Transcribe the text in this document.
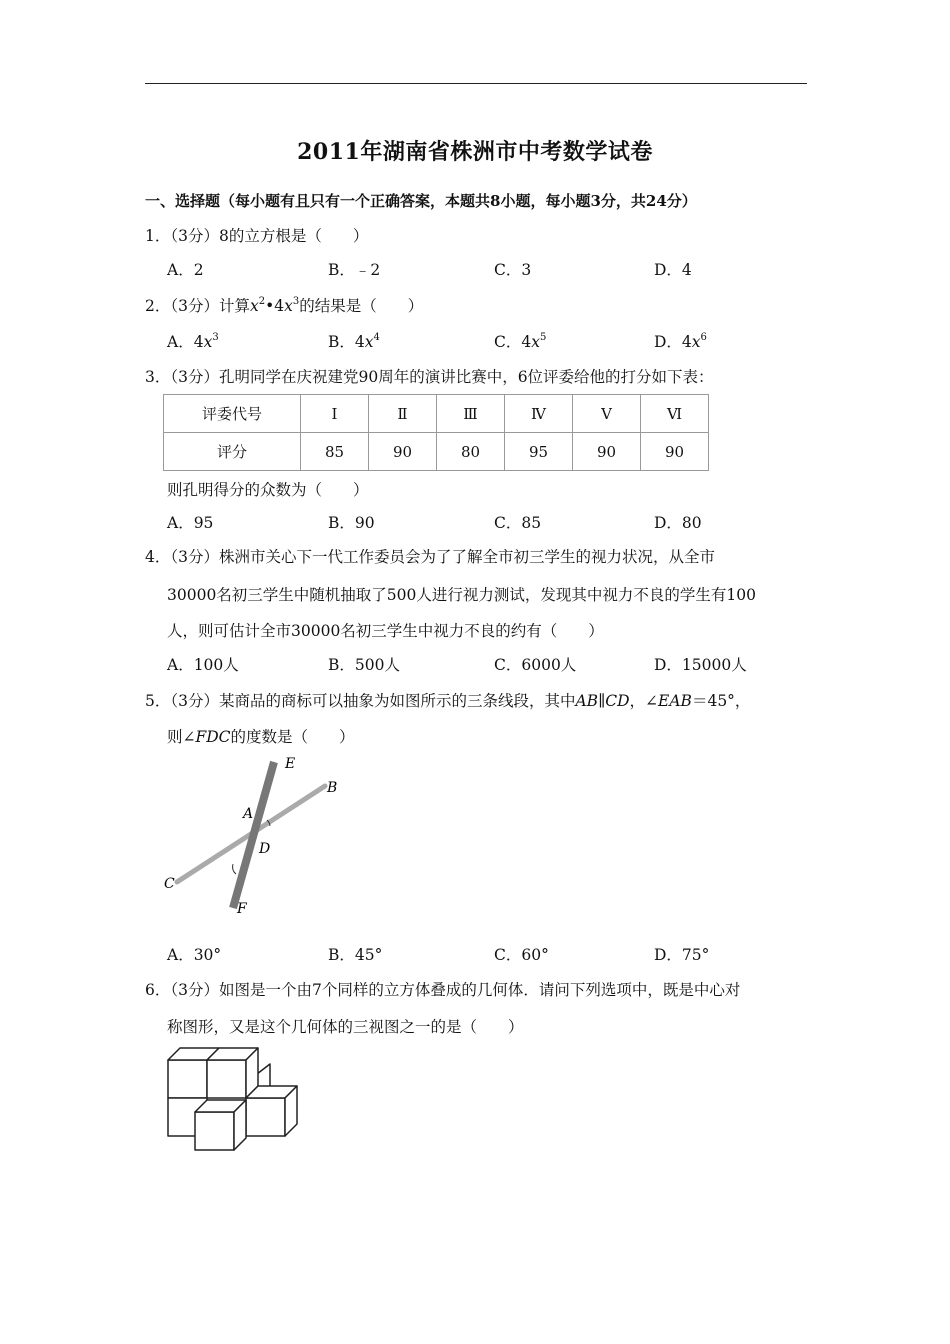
2011年湖南省株洲市中考数学试卷
一、选择题（每小题有且只有一个正确答案，本题共8小题，每小题3分，共24分）
1．（3分）8的立方根是（　　）
A．2	B．﹣2	C．3	D．4
2．（3分）计算$x^2•4x^3$的结果是（　　）
A．$4x^3$	B．$4x^4$	C．$4x^5$	D．$4x^6$
3．（3分）孔明同学在庆祝建党90周年的演讲比赛中，6位评委给他的打分如下表：
评委代号	Ⅰ	Ⅱ	Ⅲ	Ⅳ	Ⅴ	Ⅵ
评分	85	90	80	95	90	90
则孔明得分的众数为（　　）
A．95	B．90	C．85	D．80
4．（3分）株洲市关心下一代工作委员会为了了解全市初三学生的视力状况，从全市
30000名初三学生中随机抽取了500人进行视力测试，发现其中视力不良的学生有100
人，则可估计全市30000名初三学生中视力不良的约有（　　）
A．100人	B．500人	C．6000人	D．15000人
5．（3分）某商品的商标可以抽象为如图所示的三条线段，其中AB∥CD，∠EAB＝45°，
则∠FDC的度数是（　　）
E
B
A
D
C
F
A．30°	B．45°	C．60°	D．75°
6．（3分）如图是一个由7个同样的立方体叠成的几何体．请问下列选项中，既是中心对
称图形，又是这个几何体的三视图之一的是（　　）
